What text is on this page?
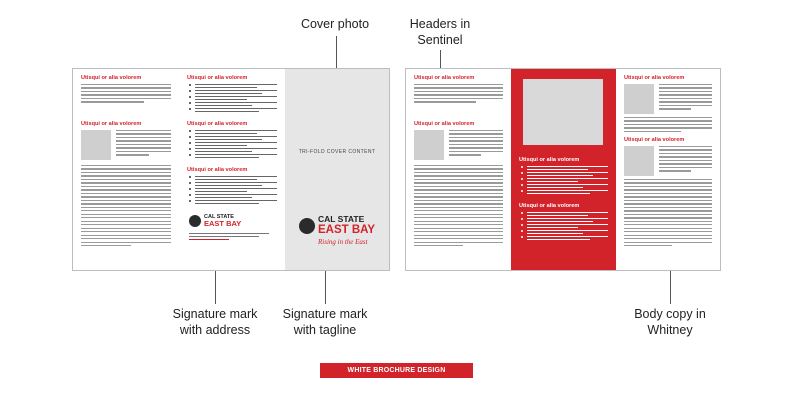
Cover photo	Headers in
Sentinel
Signature mark
with address
Signature mark
with tagline
Body copy in
Whitney
Utisqui or alia volorem
Utisqui or alia volorem
Utisqui or alia volorem
Utisqui or alia volorem
Utisqui or alia volorem
CAL STATE
EAST BAY
TRI-FOLD COVER CONTENT
CAL STATE
EAST BAY
Rising in the East
Utisqui or alia volorem
Utisqui or alia volorem
Utisqui or alia volorem
Utisqui or alia volorem
Utisqui or alia volorem
Utisqui or alia volorem
WHITE BROCHURE DESIGN
